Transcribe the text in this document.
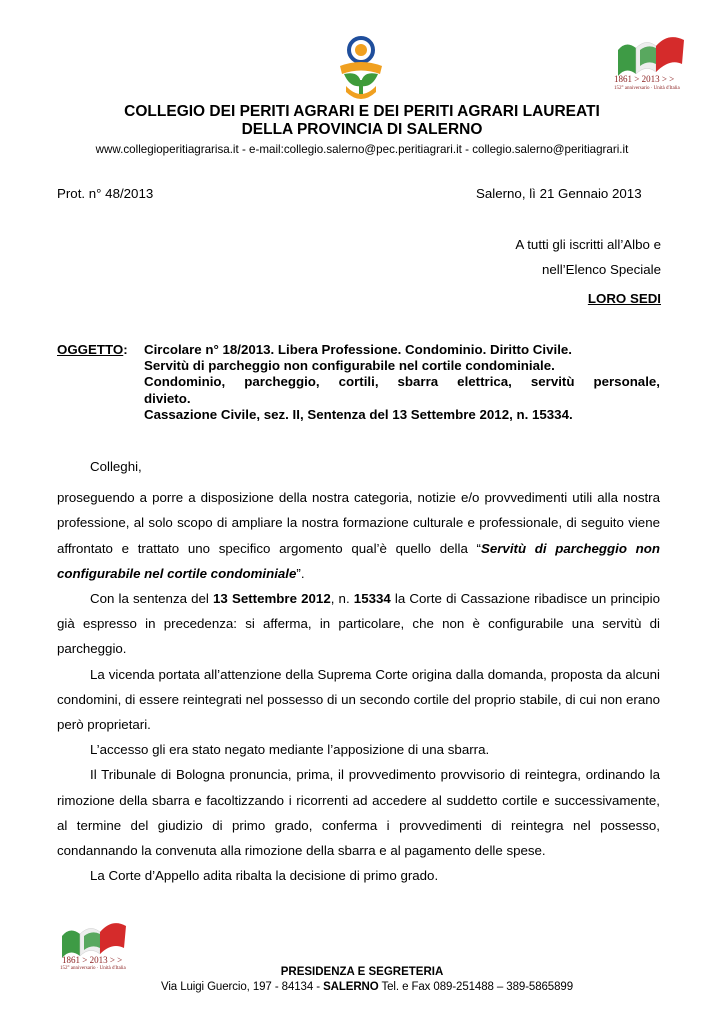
1861 > 2013 > >
152° anniversario · Unità d'Italia
COLLEGIO DEI PERITI AGRARI E DEI PERITI AGRARI LAUREATI
DELLA PROVINCIA DI SALERNO
www.collegioperitiagrarisa.it - e-mail:collegio.salerno@pec.peritiagrari.it - collegio.salerno@peritiagrari.it
Prot. n° 48/2013	Salerno, lì 21 Gennaio 2013
A tutti gli iscritti all’Albo e
nell’Elenco Speciale
LORO SEDI
OGGETTO: Circolare n° 18/2013. Libera Professione. Condominio. Diritto Civile.
Servitù di parcheggio non configurabile nel cortile condominiale.
Condominio, parcheggio, cortili, sbarra elettrica, servitù personale,
divieto.
Cassazione Civile, sez. II, Sentenza del 13 Settembre 2012, n. 15334.

Colleghi,

proseguendo a porre a disposizione della nostra categoria, notizie e/o provvedimenti utili alla nostra professione, al solo scopo di ampliare la nostra formazione culturale e professionale, di seguito viene affrontato e trattato uno specifico argomento qual’è quello della “Servitù di parcheggio non configurabile nel cortile condominiale”.

Con la sentenza del 13 Settembre 2012, n. 15334 la Corte di Cassazione ribadisce un principio già espresso in precedenza: si afferma, in particolare, che non è configurabile una servitù di parcheggio.

La vicenda portata all’attenzione della Suprema Corte origina dalla domanda, proposta da alcuni condomini, di essere reintegrati nel possesso di un secondo cortile del proprio stabile, di cui non erano però proprietari.

L’accesso gli era stato negato mediante l’apposizione di una sbarra.

Il Tribunale di Bologna pronuncia, prima, il provvedimento provvisorio di reintegra, ordinando la rimozione della sbarra e facoltizzando i ricorrenti ad accedere al suddetto cortile e successivamente, al termine del giudizio di primo grado, conferma i provvedimenti di reintegra nel possesso, condannando la convenuta alla rimozione della sbarra e al pagamento delle spese.

La Corte d’Appello adita ribalta la decisione di primo grado.

1861 > 2013 > >
152° anniversario · Unità d'Italia	PRESIDENZA E SEGRETERIA
Via Luigi Guercio, 197 - 84134 - SALERNO Tel. e Fax 089-251488 – 389-5865899
